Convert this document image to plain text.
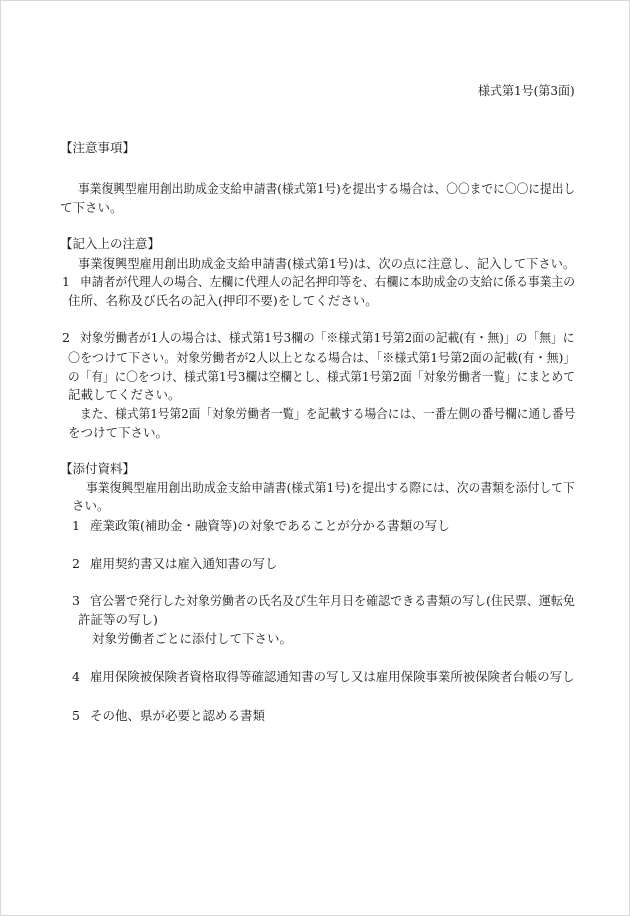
様式第1号(第3面)
【注意事項】
事業復興型雇用創出助成金支給申請書(様式第1号)を提出する場合は、〇〇までに〇〇に提出し
て下さい。
【記入上の注意】
事業復興型雇用創出助成金支給申請書(様式第1号)は、次の点に注意し、記入して下さい。
1 申請者が代理人の場合、左欄に代理人の記名押印等を、右欄に本助成金の支給に係る事業主の
住所、名称及び氏名の記入(押印不要)をしてください。
2 対象労働者が1人の場合は、様式第1号3欄の「※様式第1号第2面の記載(有・無)」の「無」に
〇をつけて下さい。対象労働者が2人以上となる場合は、「※様式第1号第2面の記載(有・無)」
の「有」に〇をつけ、様式第1号3欄は空欄とし、様式第1号第2面「対象労働者一覧」にまとめて
記載してください。
また、様式第1号第2面「対象労働者一覧」を記載する場合には、一番左側の番号欄に通し番号
をつけて下さい。
【添付資料】
事業復興型雇用創出助成金支給申請書(様式第1号)を提出する際には、次の書類を添付して下
さい。
1 産業政策(補助金・融資等)の対象であることが分かる書類の写し
2 雇用契約書又は雇入通知書の写し
3 官公署で発行した対象労働者の氏名及び生年月日を確認できる書類の写し(住民票、運転免
許証等の写し)
対象労働者ごとに添付して下さい。
4 雇用保険被保険者資格取得等確認通知書の写し又は雇用保険事業所被保険者台帳の写し
5 その他、県が必要と認める書類
